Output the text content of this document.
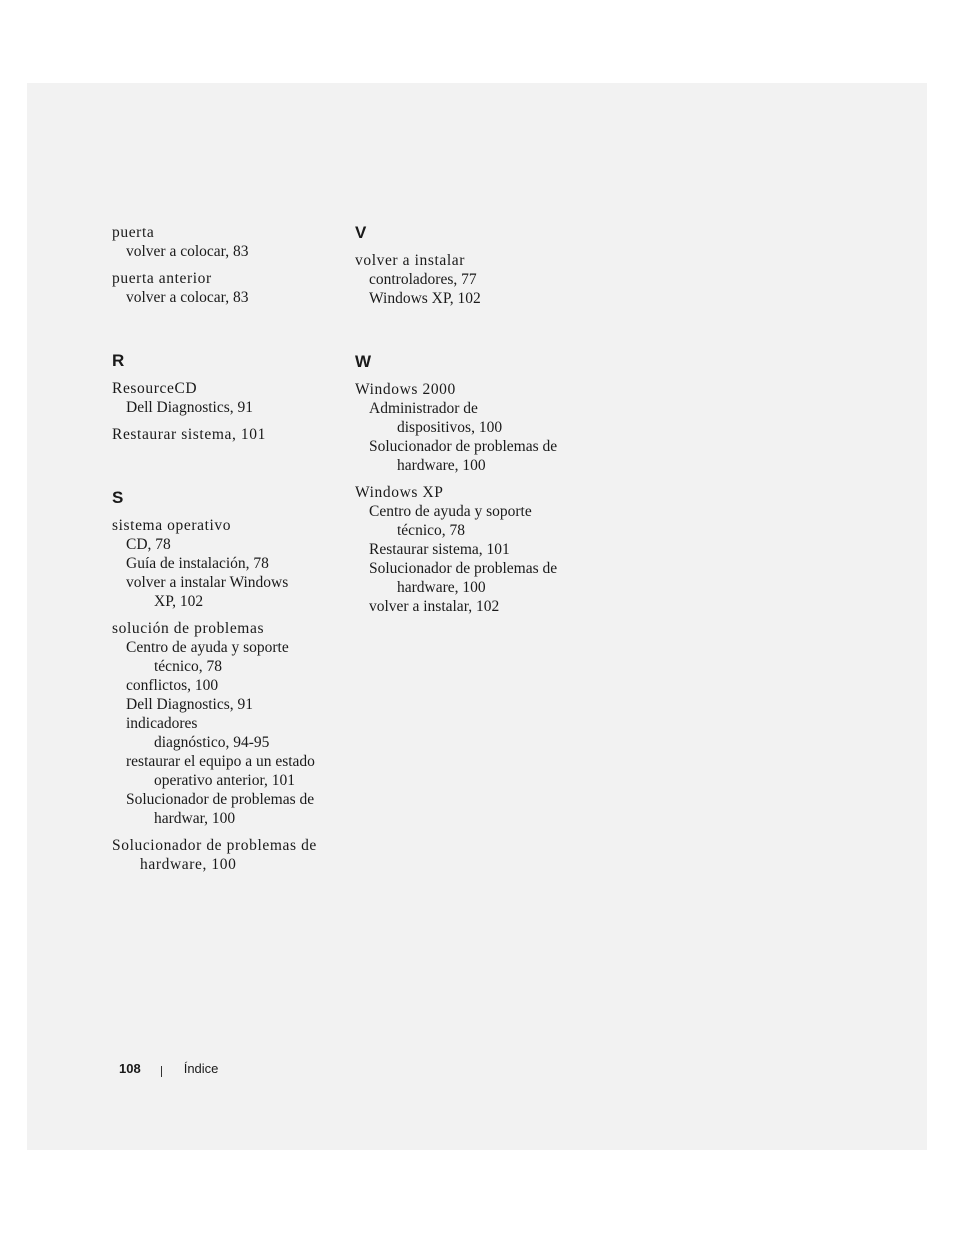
puerta
volver a colocar, 83
puerta anterior
volver a colocar, 83
R
ResourceCD
Dell Diagnostics, 91
Restaurar sistema, 101
S
sistema operativo
CD, 78
Guía de instalación, 78
volver a instalar Windows
XP, 102
solución de problemas
Centro de ayuda y soporte
técnico, 78
conflictos, 100
Dell Diagnostics, 91
indicadores
diagnóstico, 94-95
restaurar el equipo a un estado
operativo anterior, 101
Solucionador de problemas de
hardwar, 100
Solucionador de problemas de
hardware, 100
V
volver a instalar
controladores, 77
Windows XP, 102
W
Windows 2000
Administrador de
dispositivos, 100
Solucionador de problemas de
hardware, 100
Windows XP
Centro de ayuda y soporte
técnico, 78
Restaurar sistema, 101
Solucionador de problemas de
hardware, 100
volver a instalar, 102
108	Índice
